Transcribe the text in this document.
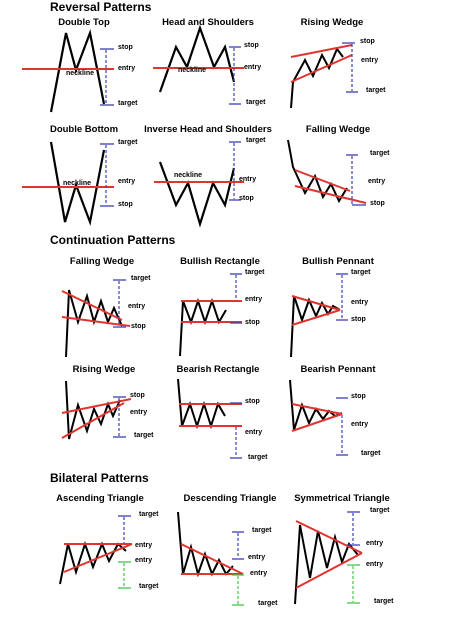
Reversal Patterns
Continuation Patterns
Bilateral Patterns
Double Top	Head and Shoulders	Rising Wedge
Double Bottom	Inverse Head and Shoulders	Falling Wedge
Falling Wedge	Bullish Rectangle	Bullish Pennant
Rising Wedge	Bearish Rectangle	Bearish Pennant
Ascending Triangle	Descending Triangle	Symmetrical Triangle
stop
neckline
entry
target
stop
neckline	entry
target
stop
entry
target
target
neckline	entry
stop
target
neckline
entry
stop
target
entry
stop
target
entry
stop
target
entry
stop
target
entry
stop
stop
entry
target
stop
entry
target
stop
entry
target
target
entry
entry
target
target
entry
entry
target
target
entry
entry
target
